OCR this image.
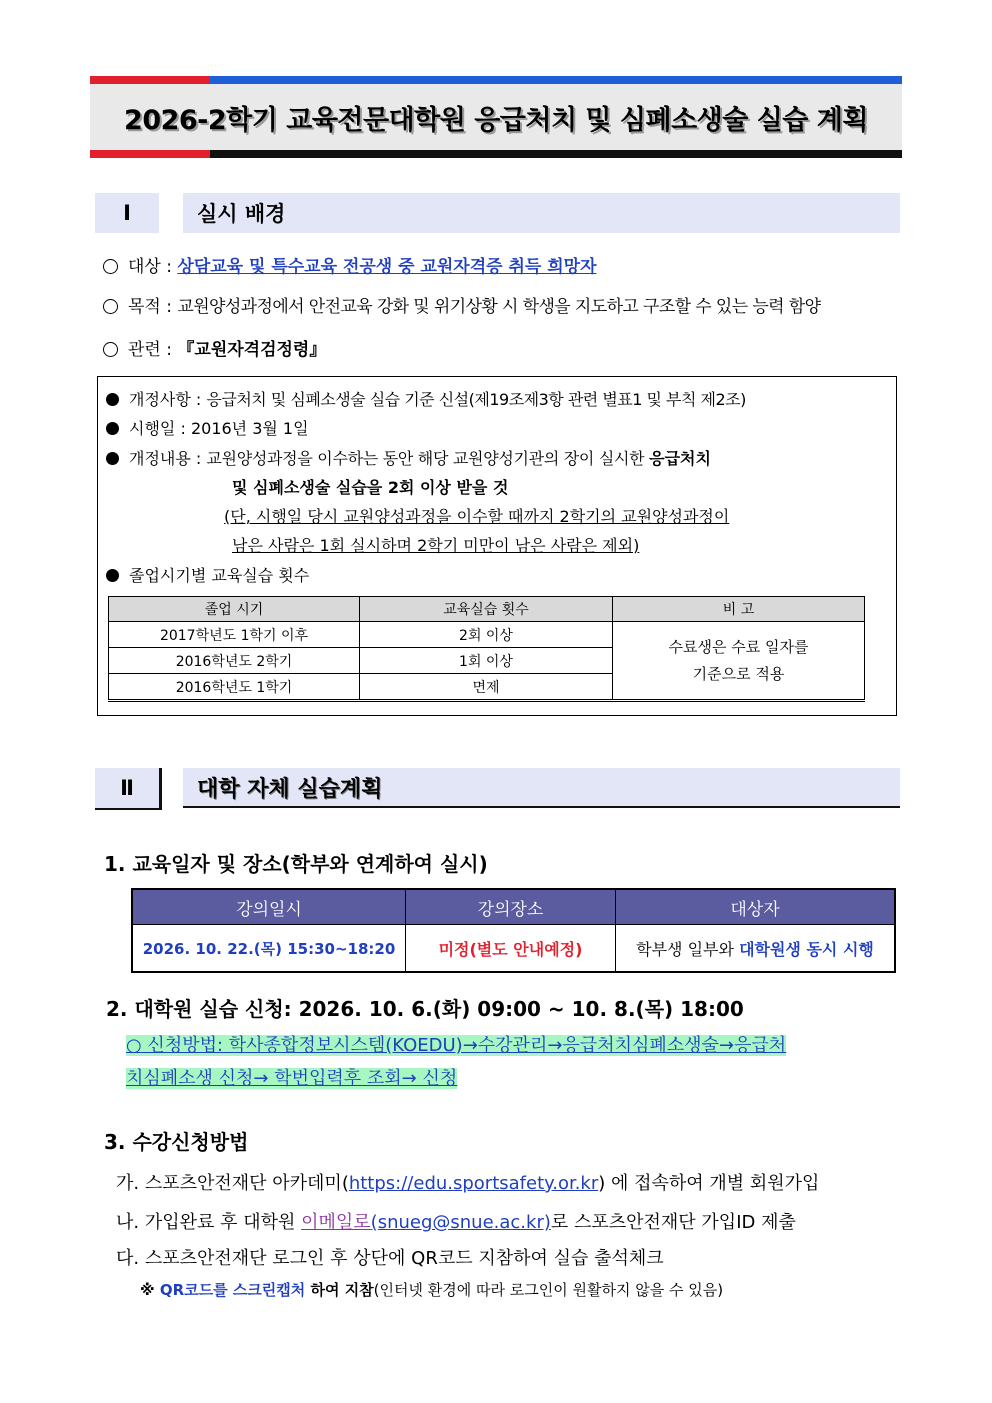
2026-2학기 교육전문대학원 응급처치 및 심폐소생술 실습 계획
Ⅰ	실시 배경
대상 : 상담교육 및 특수교육 전공생 중 교원자격증 취득 희망자
목적 : 교원양성과정에서 안전교육 강화 및 위기상황 시 학생을 지도하고 구조할 수 있는 능력 함양
관련 : 『교원자격검정령』
개정사항 : 응급처치 및 심폐소생술 실습 기준 신설(제19조제3항 관련 별표1 및 부칙 제2조)
시행일 : 2016년 3월 1일
개정내용 : 교원양성과정을 이수하는 동안 해당 교원양성기관의 장이 실시한 응급처치
및 심폐소생술 실습을 2회 이상 받을 것
(단, 시행일 당시 교원양성과정을 이수할 때까지 2학기의 교원양성과정이
남은 사람은 1회 실시하며 2학기 미만이 남은 사람은 제외)
졸업시기별 교육실습 횟수
졸업 시기	교육실습 횟수	비 고
2017학년도 1학기 이후	2회 이상	수료생은 수료 일자를
기준으로 적용
2016학년도 2학기	1회 이상	
2016학년도 1학기	면제	
Ⅱ	대학 자체 실습계획
1. 교육일자 및 장소(학부와 연계하여 실시)
강의일시	강의장소	대상자
2026. 10. 22.(목) 15:30~18:20	미정(별도 안내예정)	학부생 일부와 대학원생 동시 시행
2. 대학원 실습 신청: 2026. 10. 6.(화) 09:00 ~ 10. 8.(목) 18:00
○ 신청방법: 학사종합정보시스템(KOEDU)→수강관리→응급처치심폐소생술→응급처
치심폐소생 신청→ 학번입력후 조회→ 신청
3. 수강신청방법
가. 스포츠안전재단 아카데미(https://edu.sportsafety.or.kr) 에 접속하여 개별 회원가입
나. 가입완료 후 대학원 이메일로(snueg@snue.ac.kr)로 스포츠안전재단 가입ID 제출
다. 스포츠안전재단 로그인 후 상단에 QR코드 지참하여 실습 출석체크
※ QR코드를 스크린캡처 하여 지참(인터넷 환경에 따라 로그인이 원활하지 않을 수 있음)
